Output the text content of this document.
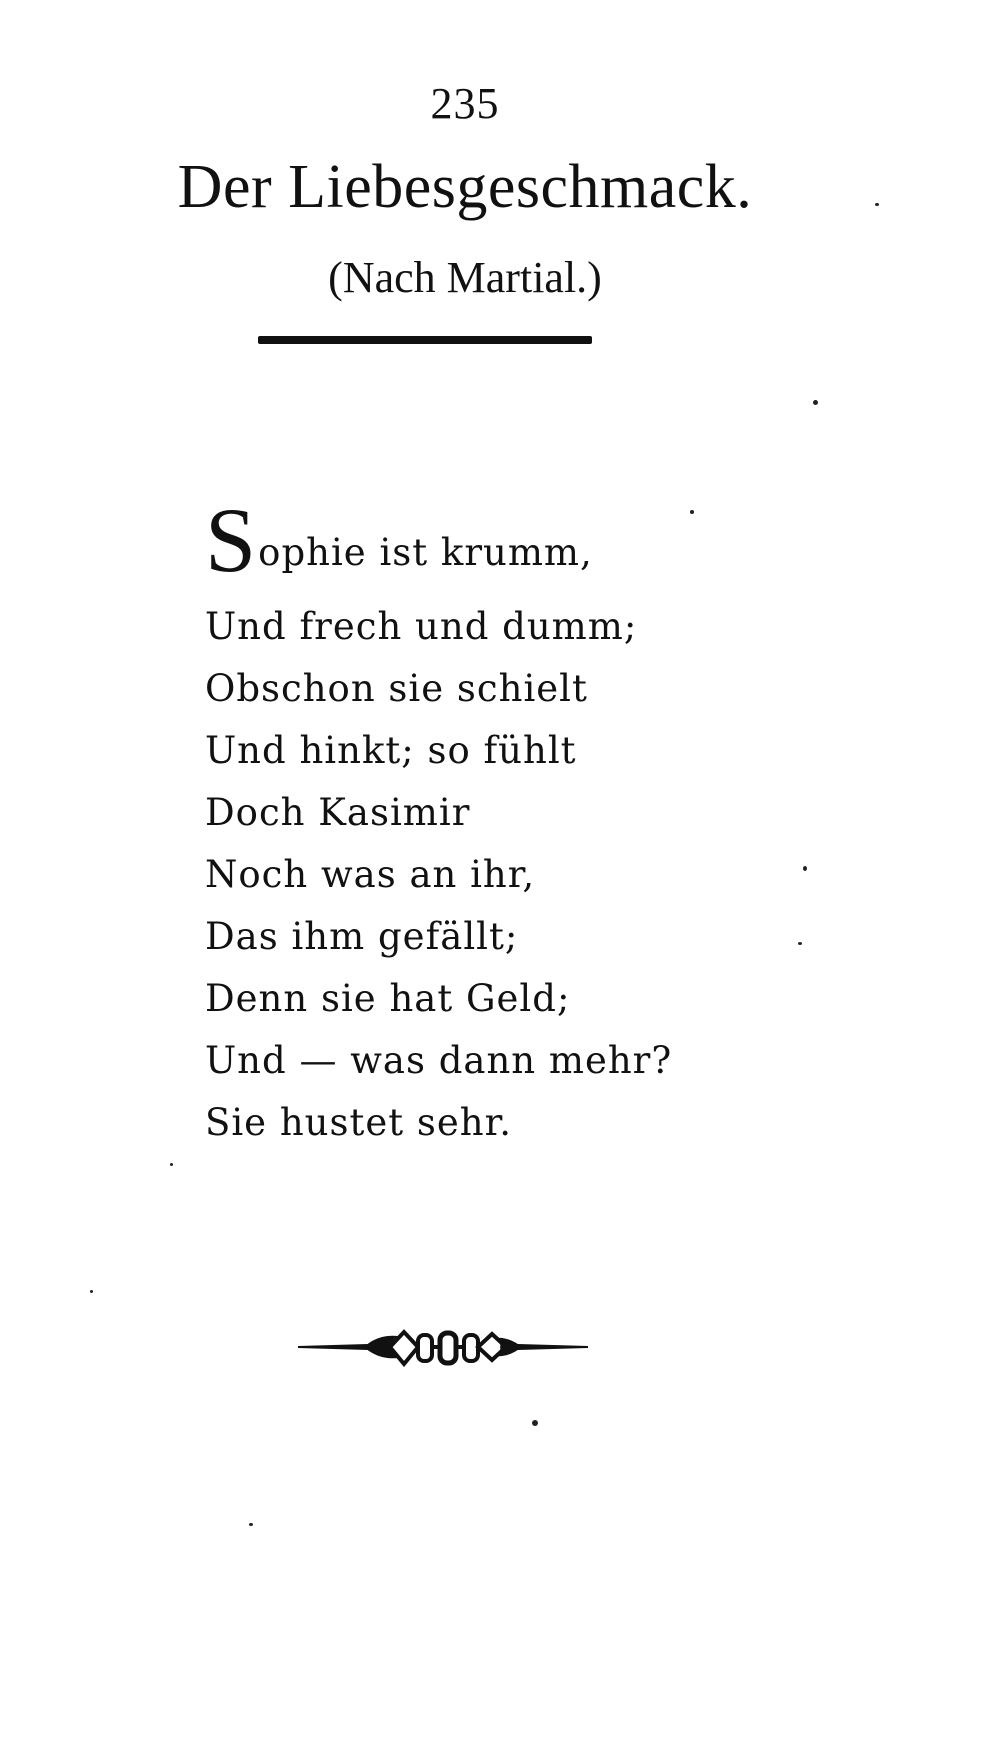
235
Der Liebesgeschmack.
(Nach Martial.)
Sophie ist krumm,
Und frech und dumm;
Obschon sie schielt
Und hinkt; so fühlt
Doch Kasimir
Noch was an ihr,
Das ihm gefällt;
Denn sie hat Geld;
Und — was dann mehr?
Sie hustet sehr.
